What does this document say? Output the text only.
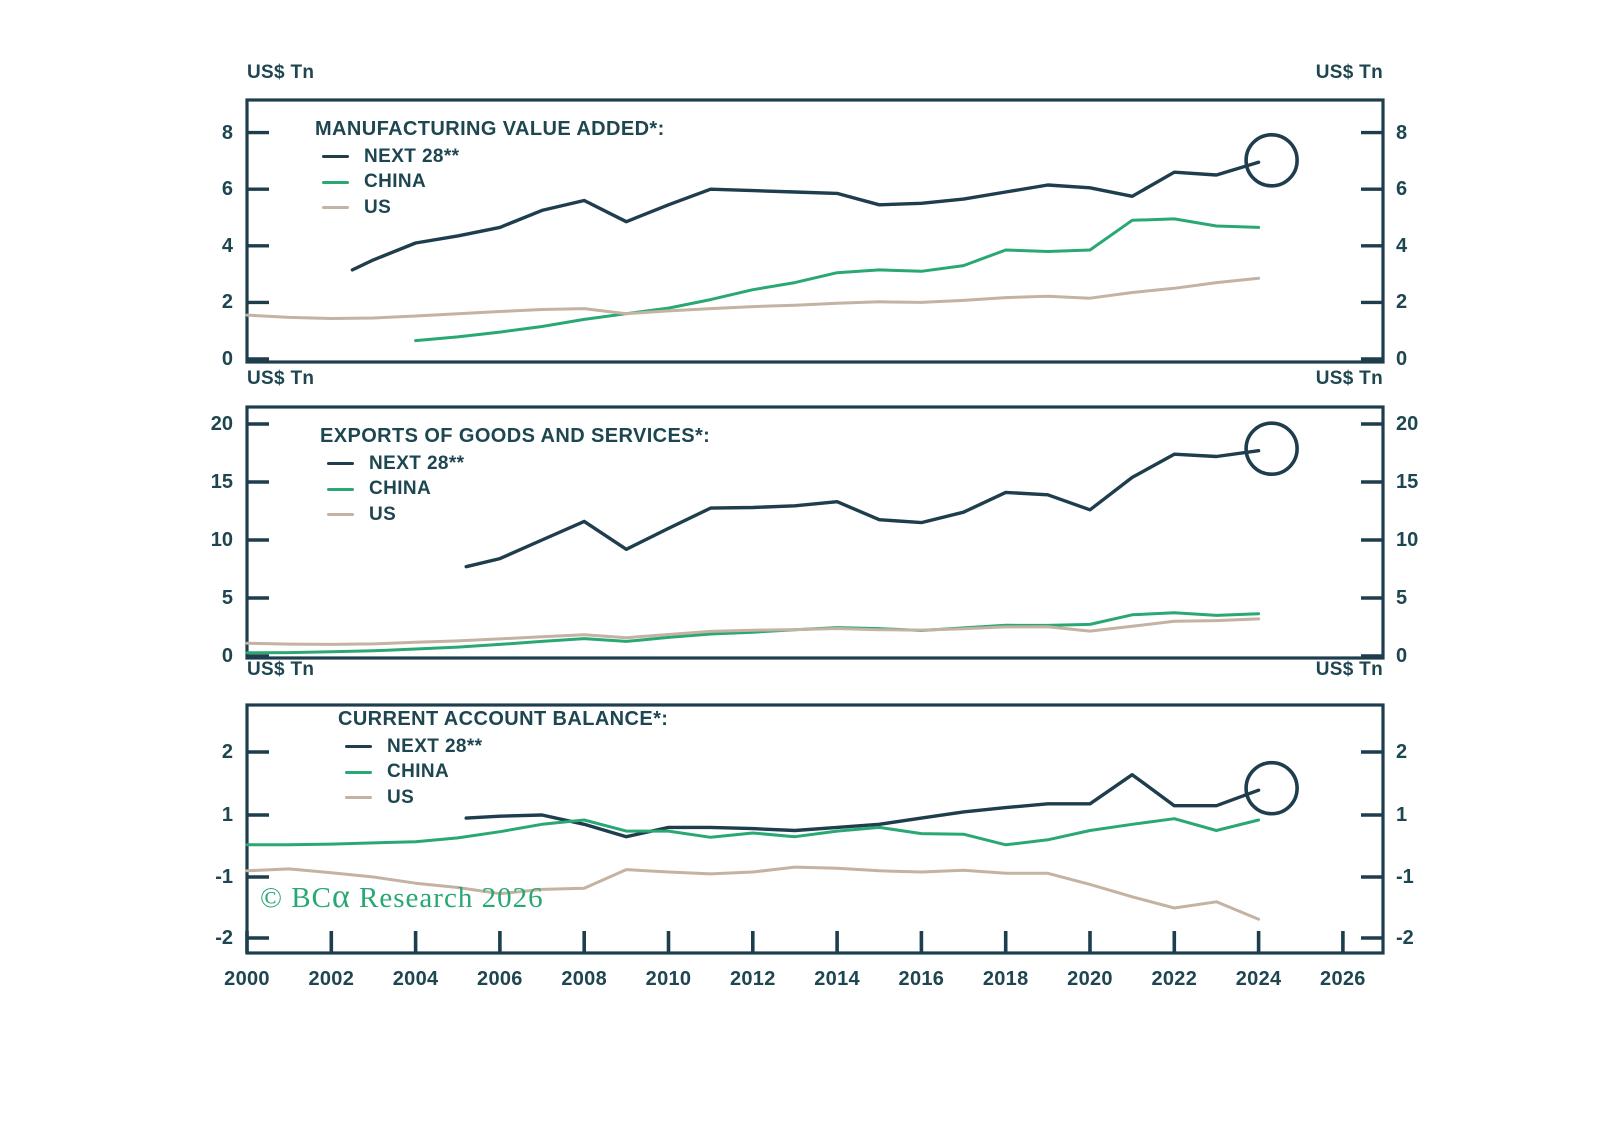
US$ Tn	US$ Tn
US$ Tn	US$ Tn
US$ Tn	US$ Tn
MANUFACTURING VALUE ADDED*:
NEXT 28**
CHINA
US
EXPORTS OF GOODS AND SERVICES*:
NEXT 28**
CHINA
US
CURRENT ACCOUNT BALANCE*:
NEXT 28**
CHINA
US
8	8
6	6
4	4
2	2
0	0
20	20
15	15
10	10
5	5
0	0
2	2
1	1
-1	-1
-2	-2
2000	2002	2004	2006	2008	2010	2012	2014	2016	2018	2020	2022	2024	2026
© BCα Research 2026
